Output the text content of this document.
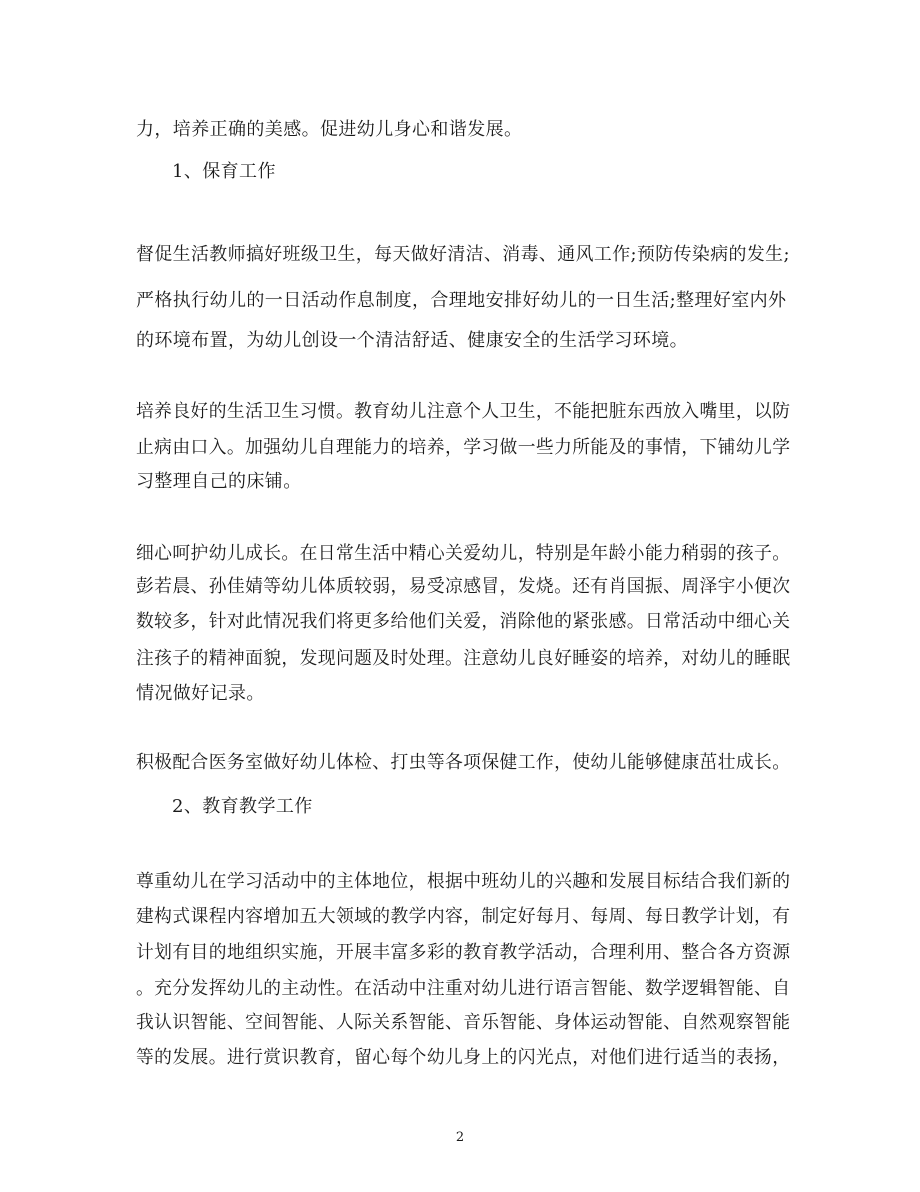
力，培养正确的美感。促进幼儿身心和谐发展。
1、保育工作
督促生活教师搞好班级卫生，每天做好清洁、消毒、通风工作;预防传染病的发生;
严格执行幼儿的一日活动作息制度，合理地安排好幼儿的一日生活;整理好室内外
的环境布置，为幼儿创设一个清洁舒适、健康安全的生活学习环境。
培养良好的生活卫生习惯。教育幼儿注意个人卫生，不能把脏东西放入嘴里，以防
止病由口入。加强幼儿自理能力的培养，学习做一些力所能及的事情，下铺幼儿学
习整理自己的床铺。
细心呵护幼儿成长。在日常生活中精心关爱幼儿，特别是年龄小能力稍弱的孩子。
彭若晨、孙佳婧等幼儿体质较弱，易受凉感冒，发烧。还有肖国振、周泽宇小便次
数较多，针对此情况我们将更多给他们关爱，消除他的紧张感。日常活动中细心关
注孩子的精神面貌，发现问题及时处理。注意幼儿良好睡姿的培养，对幼儿的睡眠
情况做好记录。
积极配合医务室做好幼儿体检、打虫等各项保健工作，使幼儿能够健康茁壮成长。
2、教育教学工作
尊重幼儿在学习活动中的主体地位，根据中班幼儿的兴趣和发展目标结合我们新的
建构式课程内容增加五大领域的教学内容，制定好每月、每周、每日教学计划，有
计划有目的地组织实施，开展丰富多彩的教育教学活动，合理利用、整合各方资源
。充分发挥幼儿的主动性。在活动中注重对幼儿进行语言智能、数学逻辑智能、自
我认识智能、空间智能、人际关系智能、音乐智能、身体运动智能、自然观察智能
等的发展。进行赏识教育，留心每个幼儿身上的闪光点，对他们进行适当的表扬，
2
